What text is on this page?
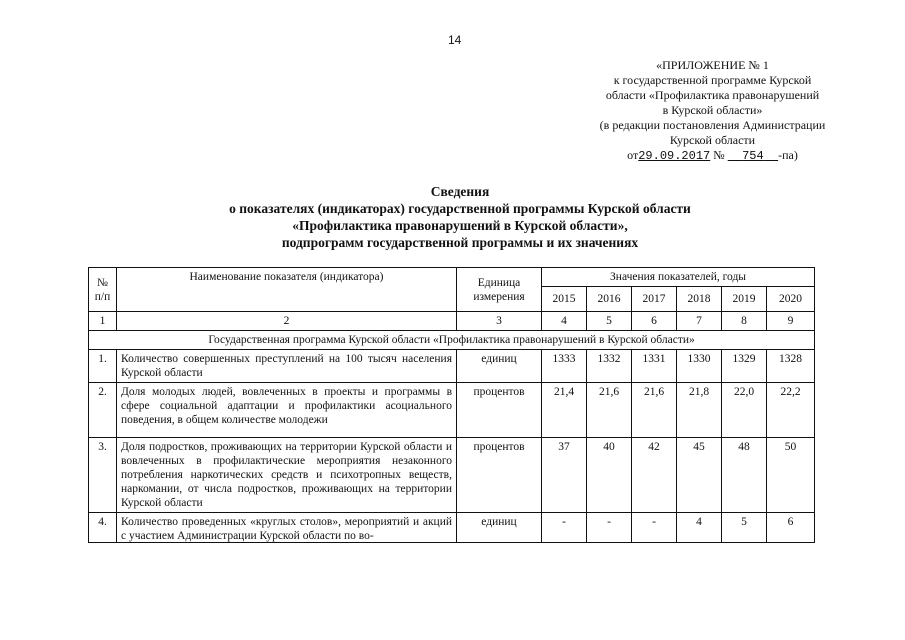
14
«ПРИЛОЖЕНИЕ № 1
к государственной программе Курской
области «Профилактика правонарушений
в Курской области»
(в редакции постановления Администрации
Курской области
от29.09.2017 № 754 -па)
Сведения
о показателях (индикаторах) государственной программы Курской области
«Профилактика правонарушений в Курской области»,
подпрограмм государственной программы и их значениях
№ п/п	Наименование показателя (индикатора)	Единица измерения	Значения показателей, годы					
			2015	2016	2017	2018	2019	2020
1	2	3	4	5	6	7	8	9
Государственная программа Курской области «Профилактика правонарушений в Курской области»								
1.	Количество совершенных преступлений на 100 тысяч населения Курской области	единиц	1333	1332	1331	1330	1329	1328
2.	Доля молодых людей, вовлеченных в проекты и программы в сфере социальной адаптации и профилактики асоциального поведения, в общем количестве молодежи	процентов	21,4	21,6	21,6	21,8	22,0	22,2
3.	Доля подростков, проживающих на территории Курской области и вовлеченных в профилактические мероприятия незаконного потребления наркотических средств и психотропных веществ, наркомании, от числа подростков, проживающих на территории Курской области	процентов	37	40	42	45	48	50
4.	Количество проведенных «круглых столов», мероприятий и акций с участием Администрации Курской области по во-	единиц	-	-	-	4	5	6
